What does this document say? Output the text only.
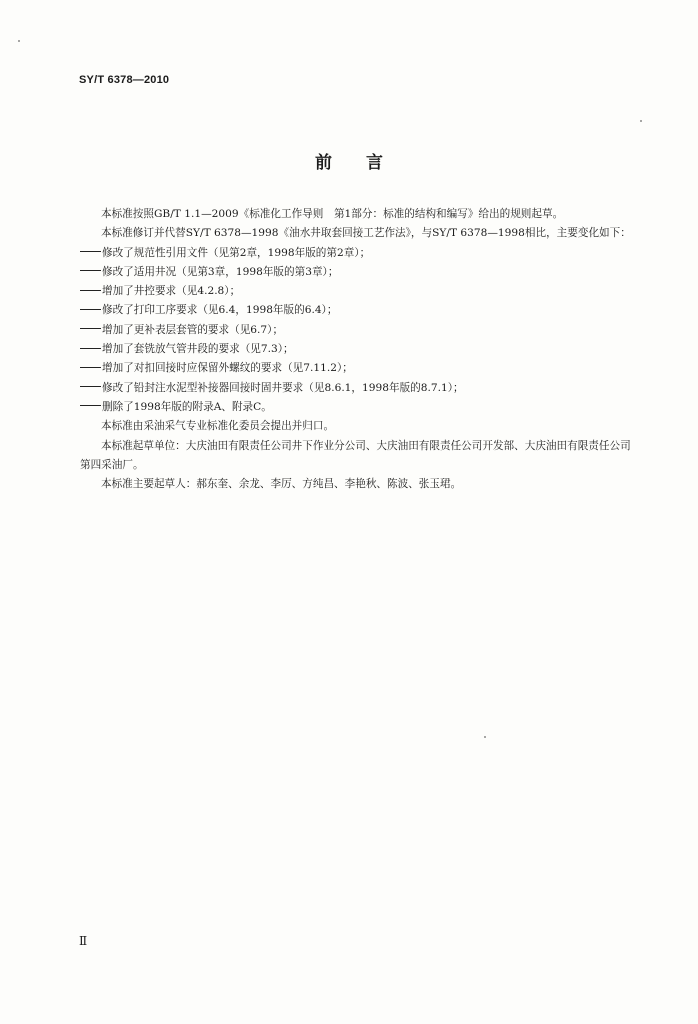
SY/T 6378—2010
前言

本标准按照GB/T 1.1—2009《标准化工作导则　第1部分：标准的结构和编写》给出的规则起草。

本标准修订并代替SY/T 6378—1998《油水井取套回接工艺作法》，与SY/T 6378—1998相比，主要变化如下：

修改了规范性引用文件（见第2章，1998年版的第2章）；

修改了适用井况（见第3章，1998年版的第3章）；

增加了井控要求（见4.2.8）；

修改了打印工序要求（见6.4，1998年版的6.4）；

增加了更补表层套管的要求（见6.7）；

增加了套铣放气管井段的要求（见7.3）；

增加了对扣回接时应保留外螺纹的要求（见7.11.2）；

修改了铅封注水泥型补接器回接时固井要求（见8.6.1，1998年版的8.7.1）；

删除了1998年版的附录A、附录C。

本标准由采油采气专业标准化委员会提出并归口。

本标准起草单位：大庆油田有限责任公司井下作业分公司、大庆油田有限责任公司开发部、大庆油田有限责任公司第四采油厂。

本标准主要起草人：郝东奎、余龙、李厉、方纯昌、李艳秋、陈波、张玉珺。

Ⅱ
